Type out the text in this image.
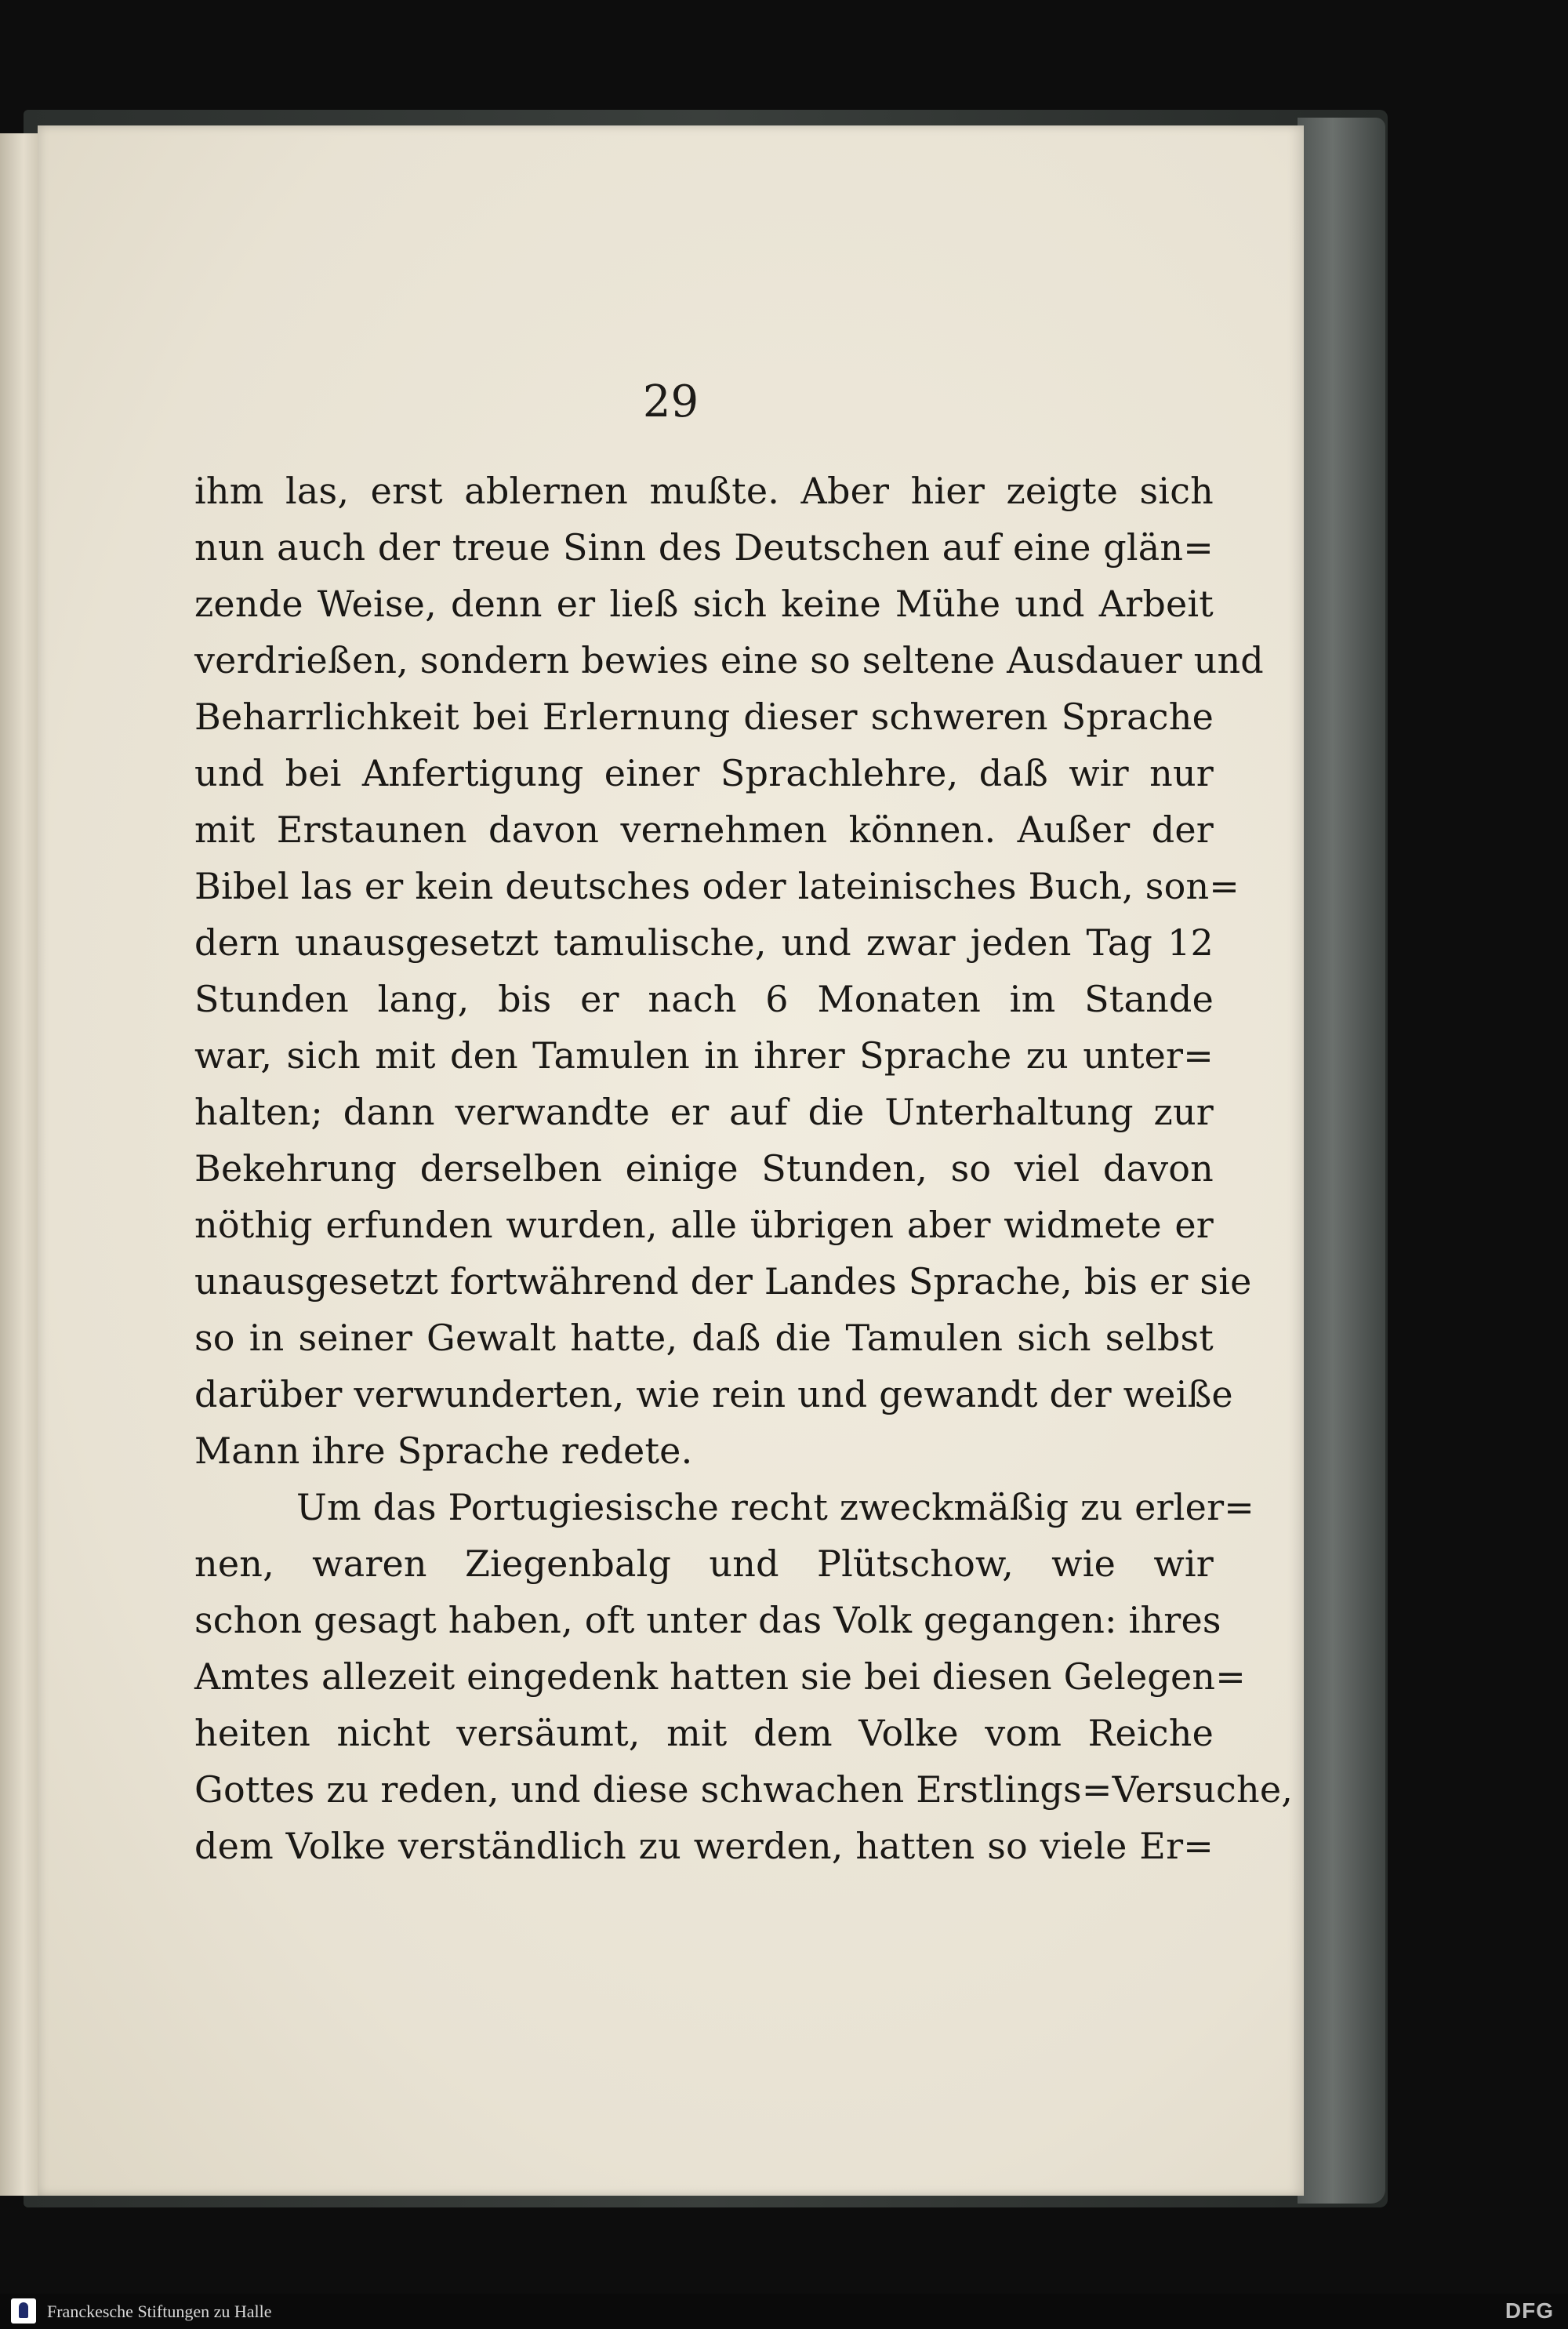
29
ihm las, erst ablernen mußte. Aber hier zeigte sich
nun auch der treue Sinn des Deutschen auf eine glän=
zende Weise, denn er ließ sich keine Mühe und Arbeit
verdrießen, sondern bewies eine so seltene Ausdauer und
Beharrlichkeit bei Erlernung dieser schweren Sprache
und bei Anfertigung einer Sprachlehre, daß wir nur
mit Erstaunen davon vernehmen können. Außer der
Bibel las er kein deutsches oder lateinisches Buch, son=
dern unausgesetzt tamulische, und zwar jeden Tag 12
Stunden lang, bis er nach 6 Monaten im Stande
war, sich mit den Tamulen in ihrer Sprache zu unter=
halten; dann verwandte er auf die Unterhaltung zur
Bekehrung derselben einige Stunden, so viel davon
nöthig erfunden wurden, alle übrigen aber widmete er
unausgesetzt fortwährend der Landes Sprache, bis er sie
so in seiner Gewalt hatte, daß die Tamulen sich selbst
darüber verwunderten, wie rein und gewandt der weiße
Mann ihre Sprache redete.
Um das Portugiesische recht zweckmäßig zu erler=
nen, waren Ziegenbalg und Plütschow, wie wir
schon gesagt haben, oft unter das Volk gegangen: ihres
Amtes allezeit eingedenk hatten sie bei diesen Gelegen=
heiten nicht versäumt, mit dem Volke vom Reiche
Gottes zu reden, und diese schwachen Erstlings=Versuche,
dem Volke verständlich zu werden, hatten so viele Er=
Franckesche Stiftungen zu Halle	DFG
